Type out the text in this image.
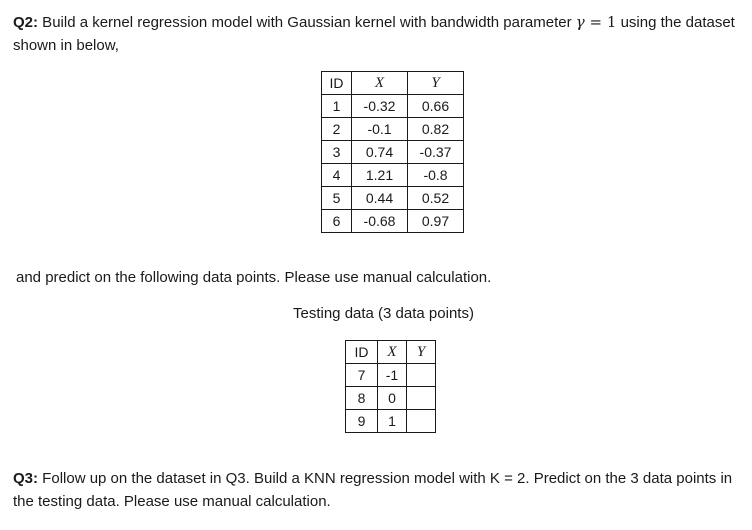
Q2: Build a kernel regression model with Gaussian kernel with bandwidth parameter γ = 1 using the dataset shown in below,

ID	X	Y
1	-0.32	0.66
2	-0.1	0.82
3	0.74	-0.37
4	1.21	-0.8
5	0.44	0.52
6	-0.68	0.97

and predict on the following data points. Please use manual calculation.

Testing data (3 data points)

ID	X	Y
7	-1	
8	0	
9	1	

Q3: Follow up on the dataset in Q3. Build a KNN regression model with K = 2. Predict on the 3 data points in the testing data. Please use manual calculation.
